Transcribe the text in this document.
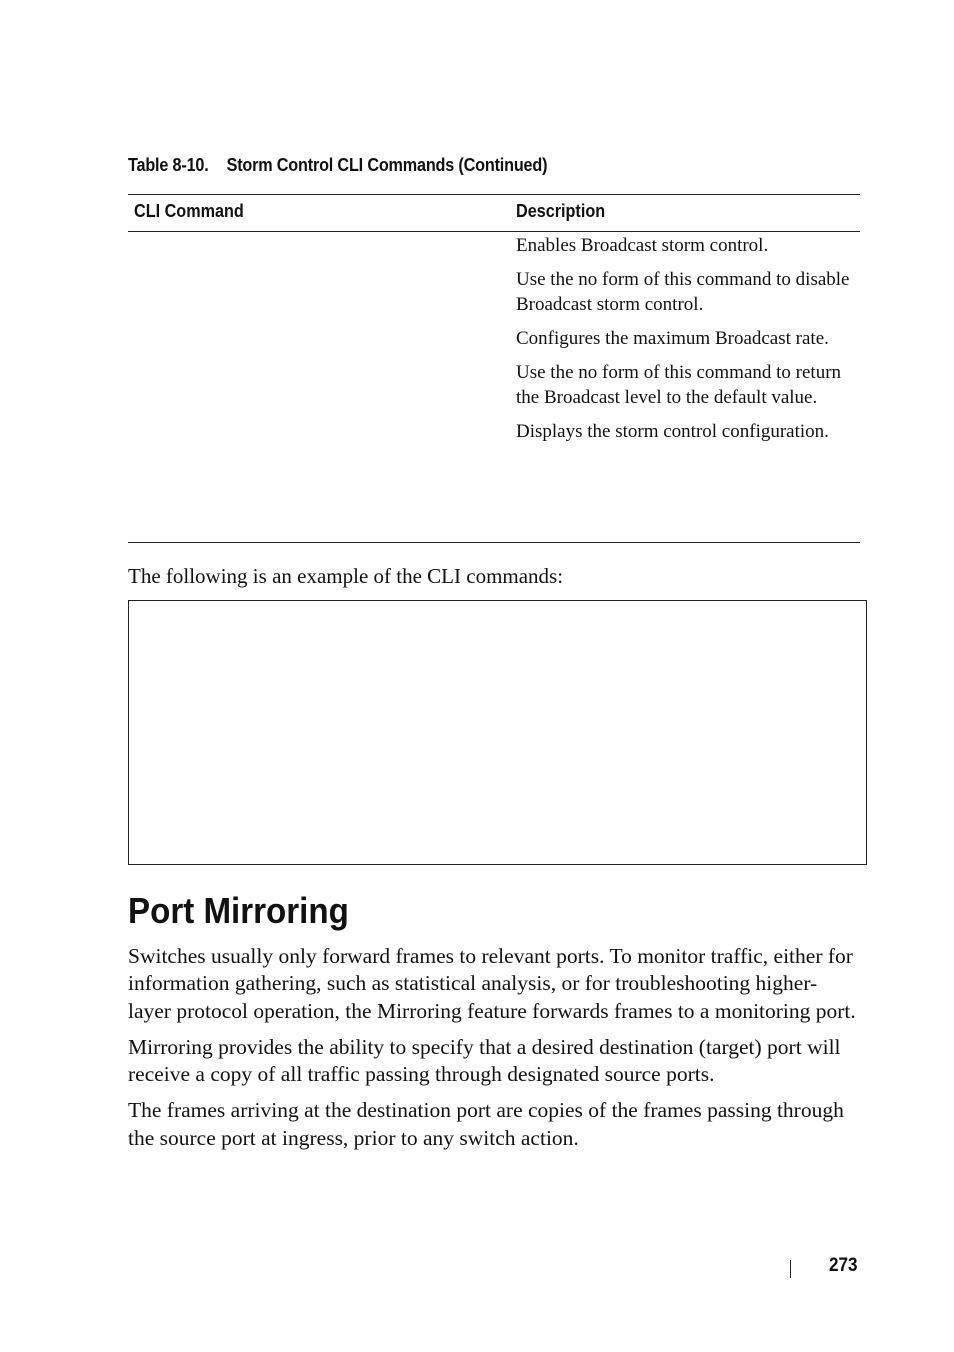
Table 8-10. Storm Control CLI Commands (Continued)
CLI Command	Description

Enables Broadcast storm control.

Use the no form of this command to disable Broadcast storm control.

Configures the maximum Broadcast rate.

Use the no form of this command to return the Broadcast level to the default value.

Displays the storm control configuration.

The following is an example of the CLI commands:
Port Mirroring

Switches usually only forward frames to relevant ports. To monitor traffic, either for information gathering, such as statistical analysis, or for troubleshooting higher-layer protocol operation, the Mirroring feature forwards frames to a monitoring port.

Mirroring provides the ability to specify that a desired destination (target) port will receive a copy of all traffic passing through designated source ports.

The frames arriving at the destination port are copies of the frames passing through the source port at ingress, prior to any switch action.

273
